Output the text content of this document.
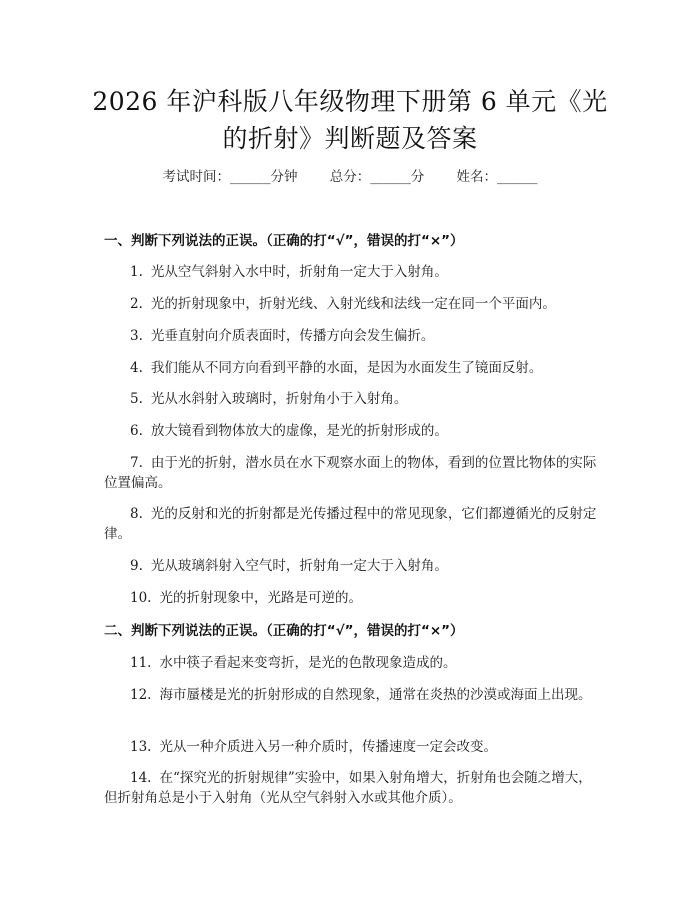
2026 年沪科版八年级物理下册第 6 单元《光的折射》判断题及答案
考试时间：______分钟 总分：______分 姓名：______
一、判断下列说法的正误。（正确的打“√”，错误的打“×”）
1. 光从空气斜射入水中时，折射角一定大于入射角。
2. 光的折射现象中，折射光线、入射光线和法线一定在同一个平面内。
3. 光垂直射向介质表面时，传播方向会发生偏折。
4. 我们能从不同方向看到平静的水面，是因为水面发生了镜面反射。
5. 光从水斜射入玻璃时，折射角小于入射角。
6. 放大镜看到物体放大的虚像，是光的折射形成的。
7. 由于光的折射，潜水员在水下观察水面上的物体，看到的位置比物体的实际位置偏高。
8. 光的反射和光的折射都是光传播过程中的常见现象，它们都遵循光的反射定律。
9. 光从玻璃斜射入空气时，折射角一定大于入射角。
10. 光的折射现象中，光路是可逆的。
二、判断下列说法的正误。（正确的打“√”，错误的打“×”）
11. 水中筷子看起来变弯折，是光的色散现象造成的。
12. 海市蜃楼是光的折射形成的自然现象，通常在炎热的沙漠或海面上出现。
13. 光从一种介质进入另一种介质时，传播速度一定会改变。
14. 在“探究光的折射规律”实验中，如果入射角增大，折射角也会随之增大，但折射角总是小于入射角（光从空气斜射入水或其他介质）。
